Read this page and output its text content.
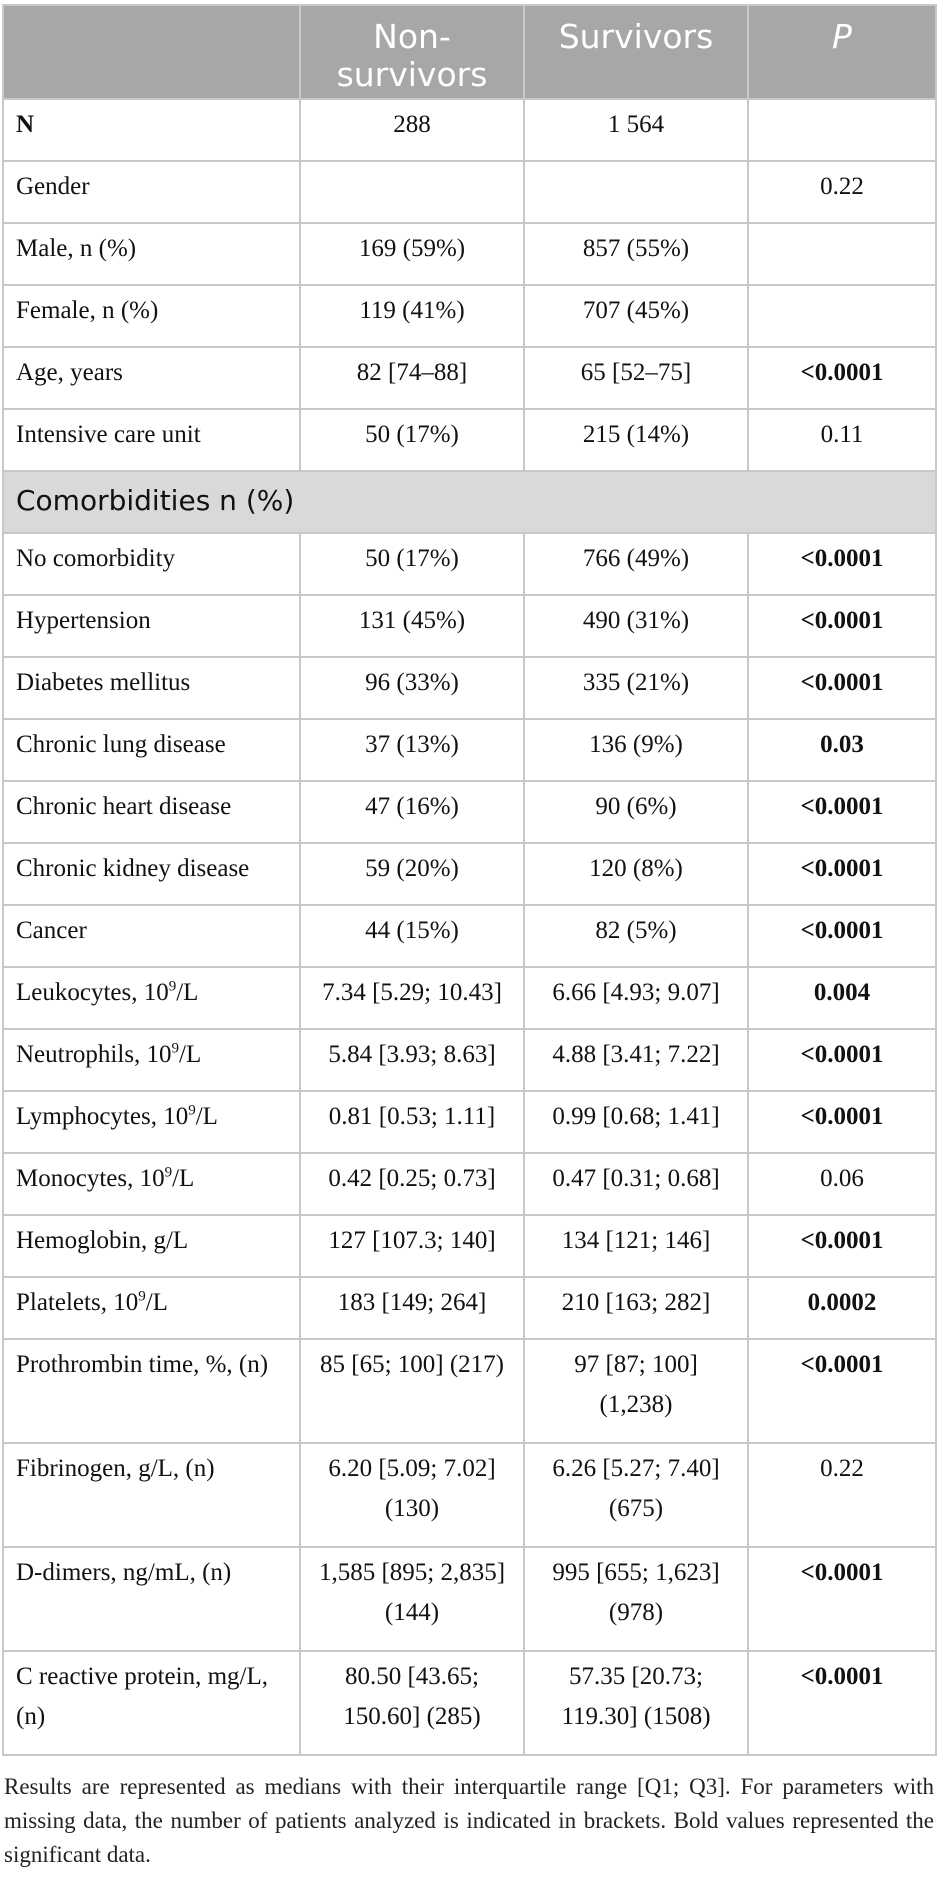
	Non-survivors	Survivors	P
N	288	1 564	
Gender			0.22
Male, n (%)	169 (59%)	857 (55%)	
Female, n (%)	119 (41%)	707 (45%)	
Age, years	82 [74–88]	65 [52–75]	<0.0001
Intensive care unit	50 (17%)	215 (14%)	0.11
Comorbidities n (%)			
No comorbidity	50 (17%)	766 (49%)	<0.0001
Hypertension	131 (45%)	490 (31%)	<0.0001
Diabetes mellitus	96 (33%)	335 (21%)	<0.0001
Chronic lung disease	37 (13%)	136 (9%)	0.03
Chronic heart disease	47 (16%)	90 (6%)	<0.0001
Chronic kidney disease	59 (20%)	120 (8%)	<0.0001
Cancer	44 (15%)	82 (5%)	<0.0001
Leukocytes, $10^9/L$	7.34 [5.29; 10.43]	6.66 [4.93; 9.07]	0.004
Neutrophils, $10^9/L$	5.84 [3.93; 8.63]	4.88 [3.41; 7.22]	<0.0001
Lymphocytes, $10^9/L$	0.81 [0.53; 1.11]	0.99 [0.68; 1.41]	<0.0001
Monocytes, $10^9/L$	0.42 [0.25; 0.73]	0.47 [0.31; 0.68]	0.06
Hemoglobin, g/L	127 [107.3; 140]	134 [121; 146]	<0.0001
Platelets, $10^9/L$	183 [149; 264]	210 [163; 282]	0.0002
Prothrombin time, %, (n)	85 [65; 100] (217)	97 [87; 100] (1,238)	<0.0001
Fibrinogen, g/L, (n)	6.20 [5.09; 7.02] (130)	6.26 [5.27; 7.40] (675)	0.22
D-dimers, ng/mL, (n)	1,585 [895; 2,835] (144)	995 [655; 1,623] (978)	<0.0001
C reactive protein, mg/L, (n)	80.50 [43.65; 150.60] (285)	57.35 [20.73; 119.30] (1508)	<0.0001
Results are represented as medians with their interquartile range [Q1; Q3]. For parameters with missing data, the number of patients analyzed is indicated in brackets. Bold values represented the significant data.
